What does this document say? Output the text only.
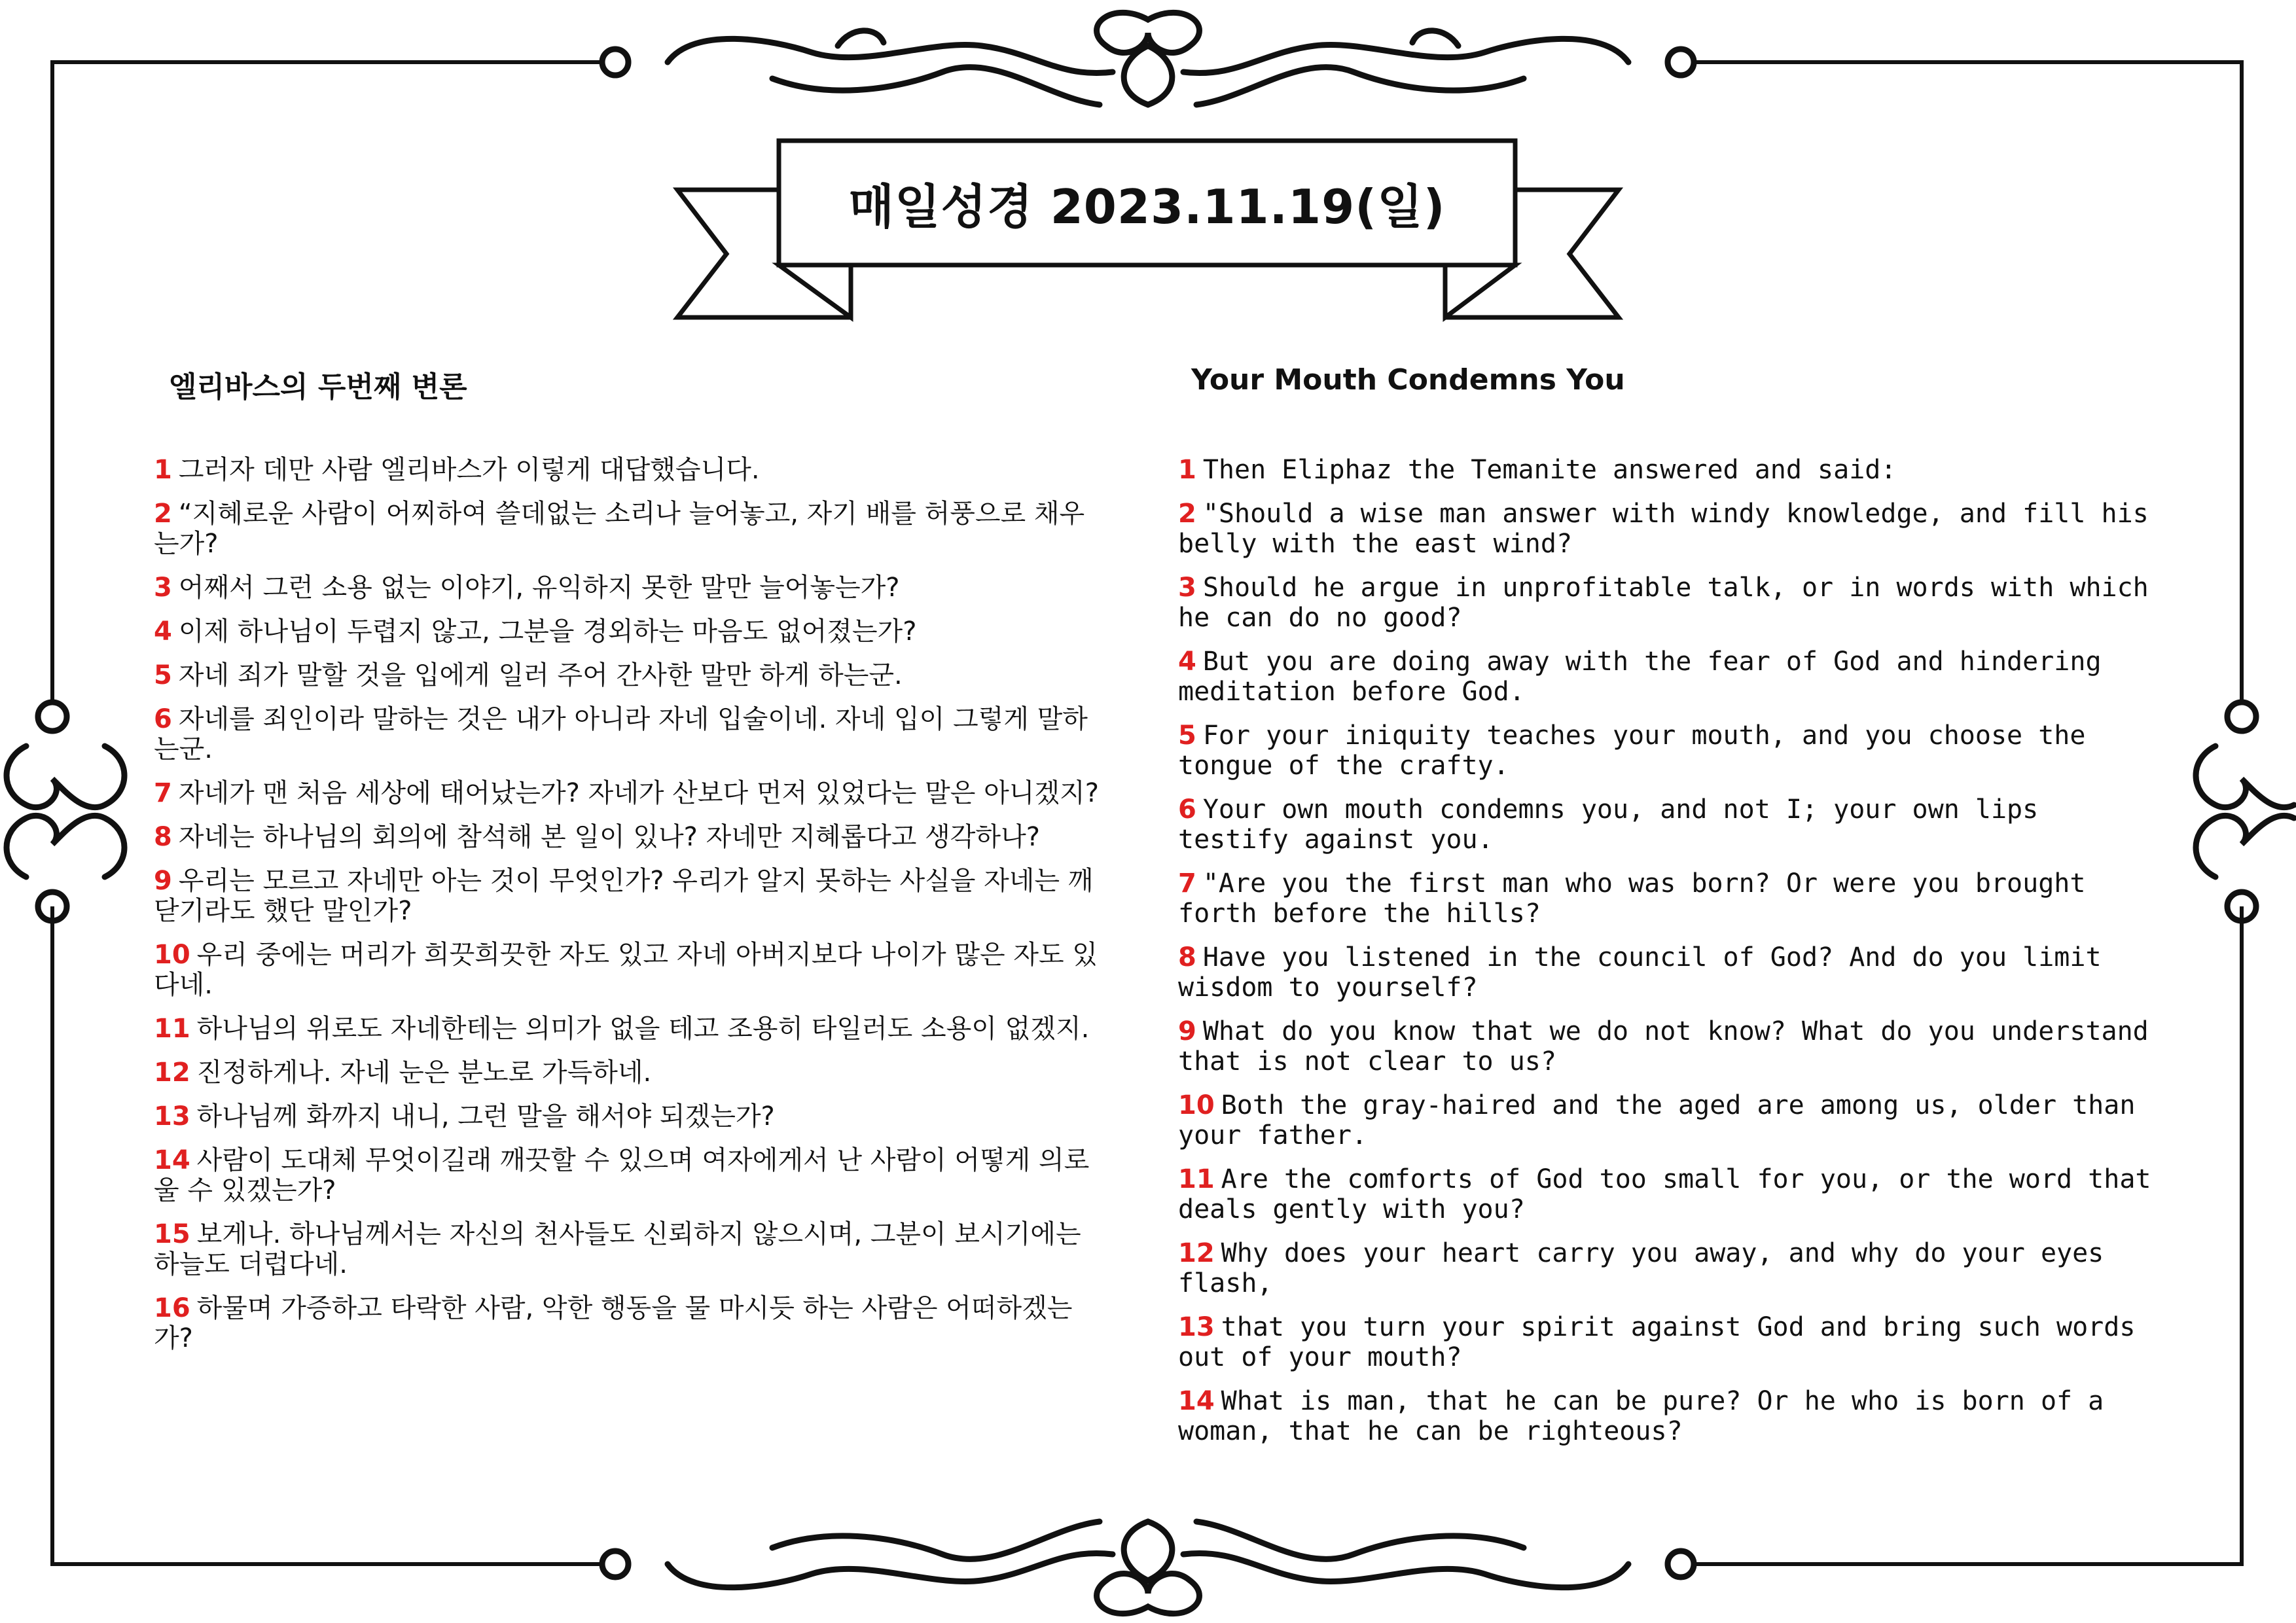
매일성경 2023.11.19(일)
엘리바스의 두번째 변론	Your Mouth Condemns You
1 그러자 데만 사람 엘리바스가 이렇게 대답했습니다.
2 “지혜로운 사람이 어찌하여 쓸데없는 소리나 늘어놓고, 자기 배를 허풍으로 채우는가?
3 어째서 그런 소용 없는 이야기, 유익하지 못한 말만 늘어놓는가?
4 이제 하나님이 두렵지 않고, 그분을 경외하는 마음도 없어졌는가?
5 자네 죄가 말할 것을 입에게 일러 주어 간사한 말만 하게 하는군.
6 자네를 죄인이라 말하는 것은 내가 아니라 자네 입술이네. 자네 입이 그렇게 말하는군.
7 자네가 맨 처음 세상에 태어났는가? 자네가 산보다 먼저 있었다는 말은 아니겠지?
8 자네는 하나님의 회의에 참석해 본 일이 있나? 자네만 지혜롭다고 생각하나?
9 우리는 모르고 자네만 아는 것이 무엇인가? 우리가 알지 못하는 사실을 자네는 깨닫기라도 했단 말인가?
10 우리 중에는 머리가 희끗희끗한 자도 있고 자네 아버지보다 나이가 많은 자도 있다네.
11 하나님의 위로도 자네한테는 의미가 없을 테고 조용히 타일러도 소용이 없겠지.
12 진정하게나. 자네 눈은 분노로 가득하네.
13 하나님께 화까지 내니, 그런 말을 해서야 되겠는가?
14 사람이 도대체 무엇이길래 깨끗할 수 있으며 여자에게서 난 사람이 어떻게 의로울 수 있겠는가?
15 보게나. 하나님께서는 자신의 천사들도 신뢰하지 않으시며, 그분이 보시기에는 하늘도 더럽다네.
16 하물며 가증하고 타락한 사람, 악한 행동을 물 마시듯 하는 사람은 어떠하겠는가?
1 Then Eliphaz the Temanite answered and said:
2 "Should a wise man answer with windy knowledge, and fill his belly with the east wind?
3 Should he argue in unprofitable talk, or in words with which he can do no good?
4 But you are doing away with the fear of God and hindering meditation before God.
5 For your iniquity teaches your mouth, and you choose the tongue of the crafty.
6 Your own mouth condemns you, and not I; your own lips testify against you.
7 "Are you the first man who was born? Or were you brought forth before the hills?
8 Have you listened in the council of God? And do you limit wisdom to yourself?
9 What do you know that we do not know? What do you understand that is not clear to us?
10 Both the gray-haired and the aged are among us, older than your father.
11 Are the comforts of God too small for you, or the word that deals gently with you?
12 Why does your heart carry you away, and why do your eyes flash,
13 that you turn your spirit against God and bring such words out of your mouth?
14 What is man, that he can be pure? Or he who is born of a woman, that he can be righteous?
